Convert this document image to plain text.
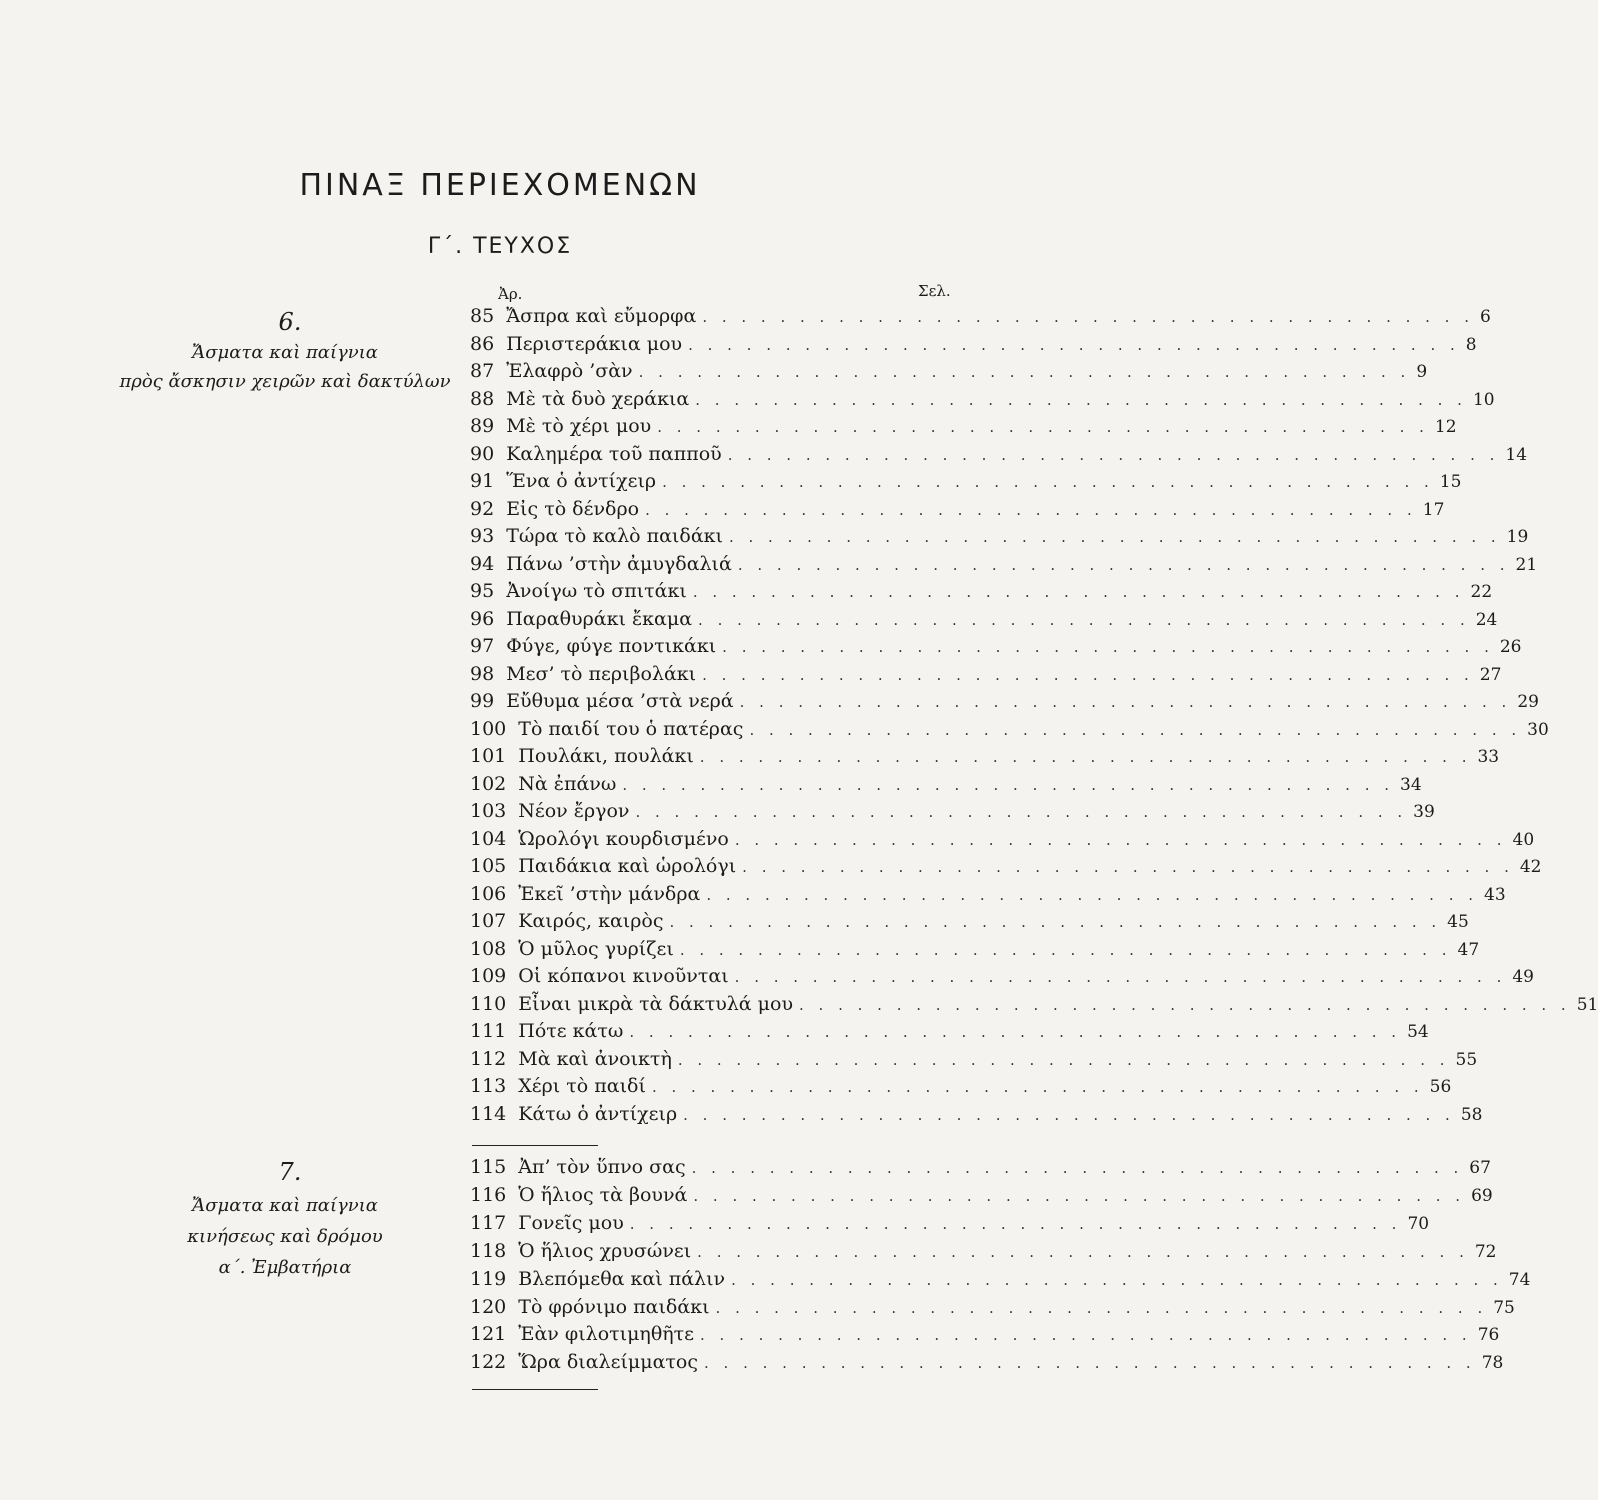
ΠΙΝΑΞ ΠΕΡΙΕΧΟΜΕΝΩΝ
Γ΄. ΤΕΥΧΟΣ
Ἀρ.	Σελ.
6.
Ἄσματα καὶ παίγνια
πρὸς ἄσκησιν χειρῶν καὶ δακτύλων
85 Ἄσπρα καὶ εὔμορφα . . . . . . . . . . . . . . . . . . . . . . . . . . . . . . . . . . . . . . . . 6
86 Περιστεράκια μου . . . . . . . . . . . . . . . . . . . . . . . . . . . . . . . . . . . . . . . . 8
87 Ἐλαφρὸ ’σὰν . . . . . . . . . . . . . . . . . . . . . . . . . . . . . . . . . . . . . . . . 9
88 Μὲ τὰ δυὸ χεράκια . . . . . . . . . . . . . . . . . . . . . . . . . . . . . . . . . . . . . . . . 10
89 Μὲ τὸ χέρι μου . . . . . . . . . . . . . . . . . . . . . . . . . . . . . . . . . . . . . . . . 12
90 Καλημέρα τοῦ παπποῦ . . . . . . . . . . . . . . . . . . . . . . . . . . . . . . . . . . . . . . . . 14
91 Ἕνα ὁ ἀντίχειρ . . . . . . . . . . . . . . . . . . . . . . . . . . . . . . . . . . . . . . . . 15
92 Εἰς τὸ δένδρο . . . . . . . . . . . . . . . . . . . . . . . . . . . . . . . . . . . . . . . . 17
93 Τώρα τὸ καλὸ παιδάκι . . . . . . . . . . . . . . . . . . . . . . . . . . . . . . . . . . . . . . . . 19
94 Πάνω ’στὴν ἀμυγδαλιά . . . . . . . . . . . . . . . . . . . . . . . . . . . . . . . . . . . . . . . . 21
95 Ἀνοίγω τὸ σπιτάκι . . . . . . . . . . . . . . . . . . . . . . . . . . . . . . . . . . . . . . . . 22
96 Παραθυράκι ἔκαμα . . . . . . . . . . . . . . . . . . . . . . . . . . . . . . . . . . . . . . . . 24
97 Φύγε, φύγε ποντικάκι . . . . . . . . . . . . . . . . . . . . . . . . . . . . . . . . . . . . . . . . 26
98 Μεσ’ τὸ περιβολάκι . . . . . . . . . . . . . . . . . . . . . . . . . . . . . . . . . . . . . . . . 27
99 Εὔθυμα μέσα ’στὰ νερά . . . . . . . . . . . . . . . . . . . . . . . . . . . . . . . . . . . . . . . . 29
100 Τὸ παιδί του ὁ πατέρας . . . . . . . . . . . . . . . . . . . . . . . . . . . . . . . . . . . . . . . . 30
101 Πουλάκι, πουλάκι . . . . . . . . . . . . . . . . . . . . . . . . . . . . . . . . . . . . . . . . 33
102 Νὰ ἐπάνω . . . . . . . . . . . . . . . . . . . . . . . . . . . . . . . . . . . . . . . . 34
103 Νέον ἔργον . . . . . . . . . . . . . . . . . . . . . . . . . . . . . . . . . . . . . . . . 39
104 Ὡρολόγι κουρδισμένο . . . . . . . . . . . . . . . . . . . . . . . . . . . . . . . . . . . . . . . . 40
105 Παιδάκια καὶ ὡρολόγι . . . . . . . . . . . . . . . . . . . . . . . . . . . . . . . . . . . . . . . . 42
106 Ἐκεῖ ’στὴν μάνδρα . . . . . . . . . . . . . . . . . . . . . . . . . . . . . . . . . . . . . . . . 43
107 Καιρός, καιρὸς . . . . . . . . . . . . . . . . . . . . . . . . . . . . . . . . . . . . . . . . 45
108 Ὁ μῦλος γυρίζει . . . . . . . . . . . . . . . . . . . . . . . . . . . . . . . . . . . . . . . . 47
109 Οἱ κόπανοι κινοῦνται . . . . . . . . . . . . . . . . . . . . . . . . . . . . . . . . . . . . . . . . 49
110 Εἶναι μικρὰ τὰ δάκτυλά μου . . . . . . . . . . . . . . . . . . . . . . . . . . . . . . . . . . . . . . . . 51
111 Πότε κάτω . . . . . . . . . . . . . . . . . . . . . . . . . . . . . . . . . . . . . . . . 54
112 Μὰ καὶ ἀνοικτὴ . . . . . . . . . . . . . . . . . . . . . . . . . . . . . . . . . . . . . . . . 55
113 Χέρι τὸ παιδί . . . . . . . . . . . . . . . . . . . . . . . . . . . . . . . . . . . . . . . . 56
114 Κάτω ὁ ἀντίχειρ . . . . . . . . . . . . . . . . . . . . . . . . . . . . . . . . . . . . . . . . 58
7.
Ἄσματα καὶ παίγνια
κινήσεως καὶ δρόμου
α΄. Ἐμβατήρια
115 Ἀπ’ τὸν ὕπνο σας . . . . . . . . . . . . . . . . . . . . . . . . . . . . . . . . . . . . . . . . 67
116 Ὁ ἥλιος τὰ βουνά . . . . . . . . . . . . . . . . . . . . . . . . . . . . . . . . . . . . . . . . 69
117 Γονεῖς μου . . . . . . . . . . . . . . . . . . . . . . . . . . . . . . . . . . . . . . . . 70
118 Ὁ ἥλιος χρυσώνει . . . . . . . . . . . . . . . . . . . . . . . . . . . . . . . . . . . . . . . . 72
119 Βλεπόμεθα καὶ πάλιν . . . . . . . . . . . . . . . . . . . . . . . . . . . . . . . . . . . . . . . . 74
120 Τὸ φρόνιμο παιδάκι . . . . . . . . . . . . . . . . . . . . . . . . . . . . . . . . . . . . . . . . 75
121 Ἐὰν φιλοτιμηθῆτε . . . . . . . . . . . . . . . . . . . . . . . . . . . . . . . . . . . . . . . . 76
122 Ὥρα διαλείμματος . . . . . . . . . . . . . . . . . . . . . . . . . . . . . . . . . . . . . . . . 78
